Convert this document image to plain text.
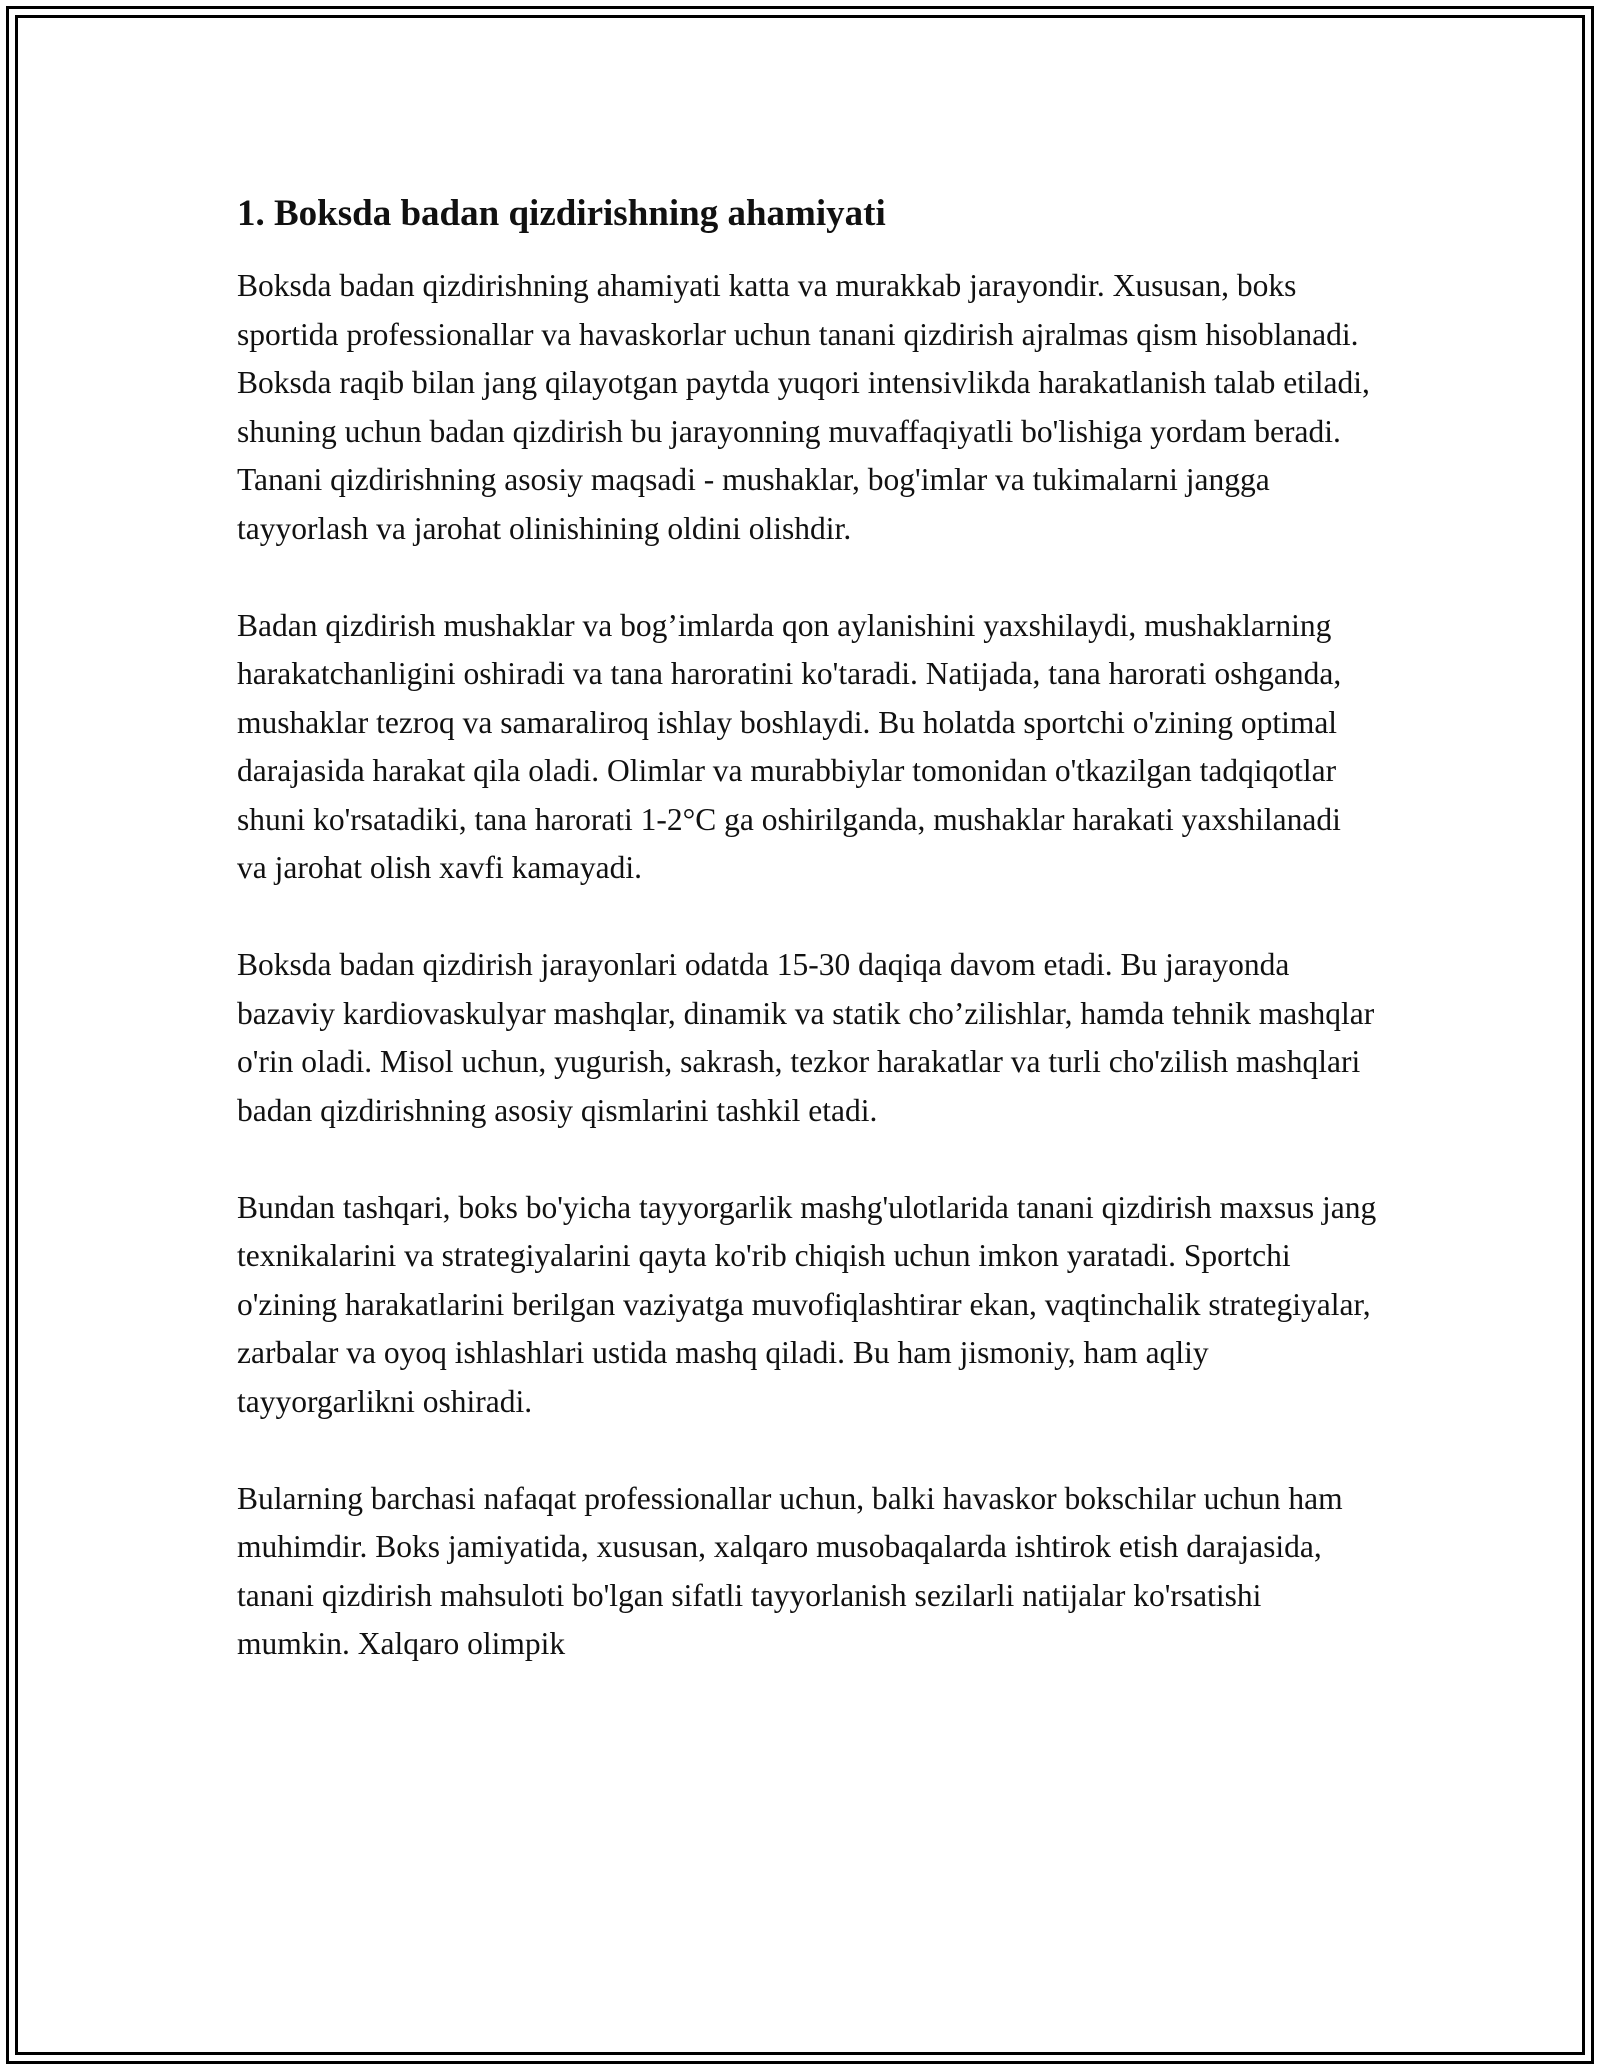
1. Boksda badan qizdirishning ahamiyati

Boksda badan qizdirishning ahamiyati katta va murakkab jarayondir. Xususan, boks sportida professionallar va havaskorlar uchun tanani qizdirish ajralmas qism hisoblanadi. Boksda raqib bilan jang qilayotgan paytda yuqori intensivlikda harakatlanish talab etiladi, shuning uchun badan qizdirish bu jarayonning muvaffaqiyatli bo'lishiga yordam beradi. Tanani qizdirishning asosiy maqsadi - mushaklar, bog'imlar va tukimalarni jangga tayyorlash va jarohat olinishining oldini olishdir.

Badan qizdirish mushaklar va bog’imlarda qon aylanishini yaxshilaydi, mushaklarning harakatchanligini oshiradi va tana haroratini ko'taradi. Natijada, tana harorati oshganda, mushaklar tezroq va samaraliroq ishlay boshlaydi. Bu holatda sportchi o'zining optimal darajasida harakat qila oladi. Olimlar va murabbiylar tomonidan o'tkazilgan tadqiqotlar shuni ko'rsatadiki, tana harorati 1-2°C ga oshirilganda, mushaklar harakati yaxshilanadi va jarohat olish xavfi kamayadi.

Boksda badan qizdirish jarayonlari odatda 15-30 daqiqa davom etadi. Bu jarayonda bazaviy kardiovaskulyar mashqlar, dinamik va statik cho’zilishlar, hamda tehnik mashqlar o'rin oladi. Misol uchun, yugurish, sakrash, tezkor harakatlar va turli cho'zilish mashqlari badan qizdirishning asosiy qismlarini tashkil etadi.

Bundan tashqari, boks bo'yicha tayyorgarlik mashg'ulotlarida tanani qizdirish maxsus jang texnikalarini va strategiyalarini qayta ko'rib chiqish uchun imkon yaratadi. Sportchi o'zining harakatlarini berilgan vaziyatga muvofiqlashtirar ekan, vaqtinchalik strategiyalar, zarbalar va oyoq ishlashlari ustida mashq qiladi. Bu ham jismoniy, ham aqliy tayyorgarlikni oshiradi.

Bularning barchasi nafaqat professionallar uchun, balki havaskor bokschilar uchun ham muhimdir. Boks jamiyatida, xususan, xalqaro musobaqalarda ishtirok etish darajasida, tanani qizdirish mahsuloti bo'lgan sifatli tayyorlanish sezilarli natijalar ko'rsatishi mumkin. Xalqaro olimpik
